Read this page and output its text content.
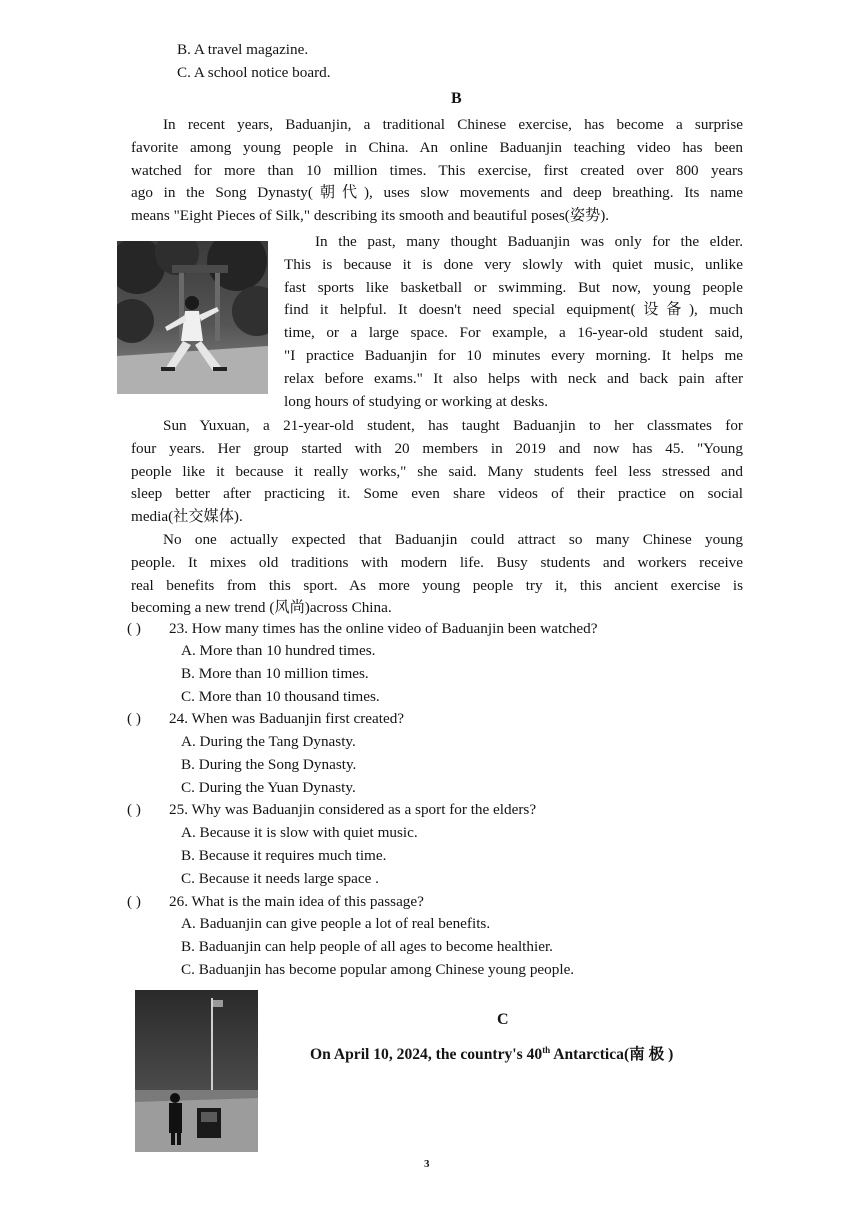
B. A travel magazine.
C. A school notice board.
B
In recent years, Baduanjin, a traditional Chinese exercise, has become a surprise
favorite among young people in China. An online Baduanjin teaching video has been
watched for more than 10 million times. This exercise, first created over 800 years
ago in the Song Dynasty(朝代), uses slow movements and deep breathing. Its name
means "Eight Pieces of Silk," describing its smooth and beautiful poses(姿势).
In the past, many thought Baduanjin was only for the elder.
This is because it is done very slowly with quiet music, unlike
fast sports like basketball or swimming. But now, young people
find it helpful. It doesn't need special equipment(设备), much
time, or a large space. For example, a 16-year-old student said,
"I practice Baduanjin for 10 minutes every morning. It helps me
relax before exams." It also helps with neck and back pain after
long hours of studying or working at desks.
Sun Yuxuan, a 21-year-old student, has taught Baduanjin to her classmates for
four years. Her group started with 20 members in 2019 and now has 45. "Young
people like it because it really works," she said. Many students feel less stressed and
sleep better after practicing it. Some even share videos of their practice on social
media(社交媒体).
No one actually expected that Baduanjin could attract so many Chinese young
people. It mixes old traditions with modern life. Busy students and workers receive
real benefits from this sport. As more young people try it, this ancient exercise is
becoming a new trend (风尚)across China.
( ) 23. How many times has the online video of Baduanjin been watched?
A. More than 10 hundred times.
B. More than 10 million times.
C. More than 10 thousand times.
( ) 24. When was Baduanjin first created?
A. During the Tang Dynasty.
B. During the Song Dynasty.
C. During the Yuan Dynasty.
( ) 25. Why was Baduanjin considered as a sport for the elders?
A. Because it is slow with quiet music.
B. Because it requires much time.
C. Because it needs large space .
( ) 26. What is the main idea of this passage?
A. Baduanjin can give people a lot of real benefits.
B. Baduanjin can help people of all ages to become healthier.
C. Baduanjin has become popular among Chinese young people.
C
On April 10, 2024, the country's 40th Antarctica(南 极 )
3
